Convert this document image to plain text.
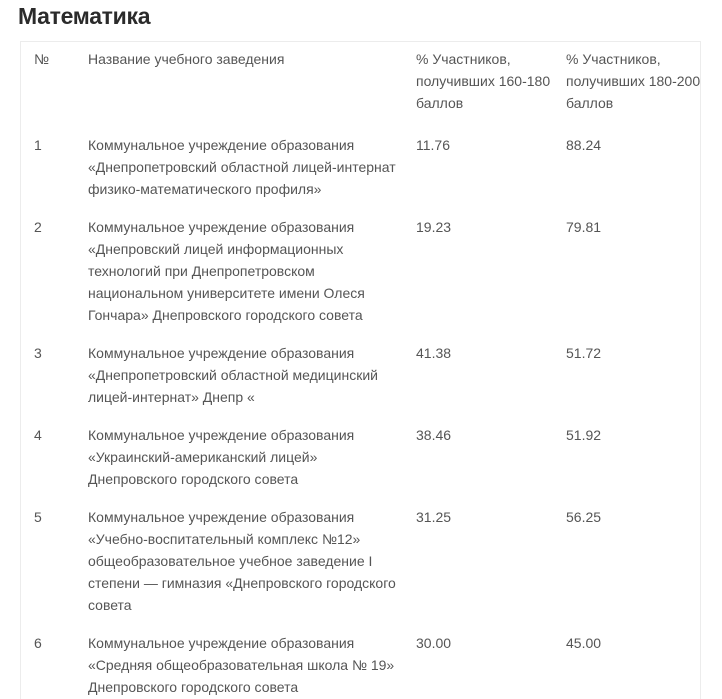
Математика
№	Название учебного заведения	% Участников, получивших 160-180 баллов	% Участников, получивших 180-200 баллов
1	Коммунальное учреждение образования «Днепропетровский областной лицей-интернат физико-математического профиля»	11.76	88.24
2	Коммунальное учреждение образования «Днепровский лицей информационных технологий при Днепропетровском национальном университете имени Олеся Гончара» Днепровского городского совета	19.23	79.81
3	Коммунальное учреждение образования «Днепропетровский областной медицинский лицей-интернат» Днепр «	41.38	51.72
4	Коммунальное учреждение образования «Украинский-американский лицей» Днепровского городского совета	38.46	51.92
5	Коммунальное учреждение образования «Учебно-воспитательный комплекс №12» общеобразовательное учебное заведение I степени — гимназия «Днепровского городского совета	31.25	56.25
6	Коммунальное учреждение образования «Средняя общеобразовательная школа № 19» Днепровского городского совета	30.00	45.00
